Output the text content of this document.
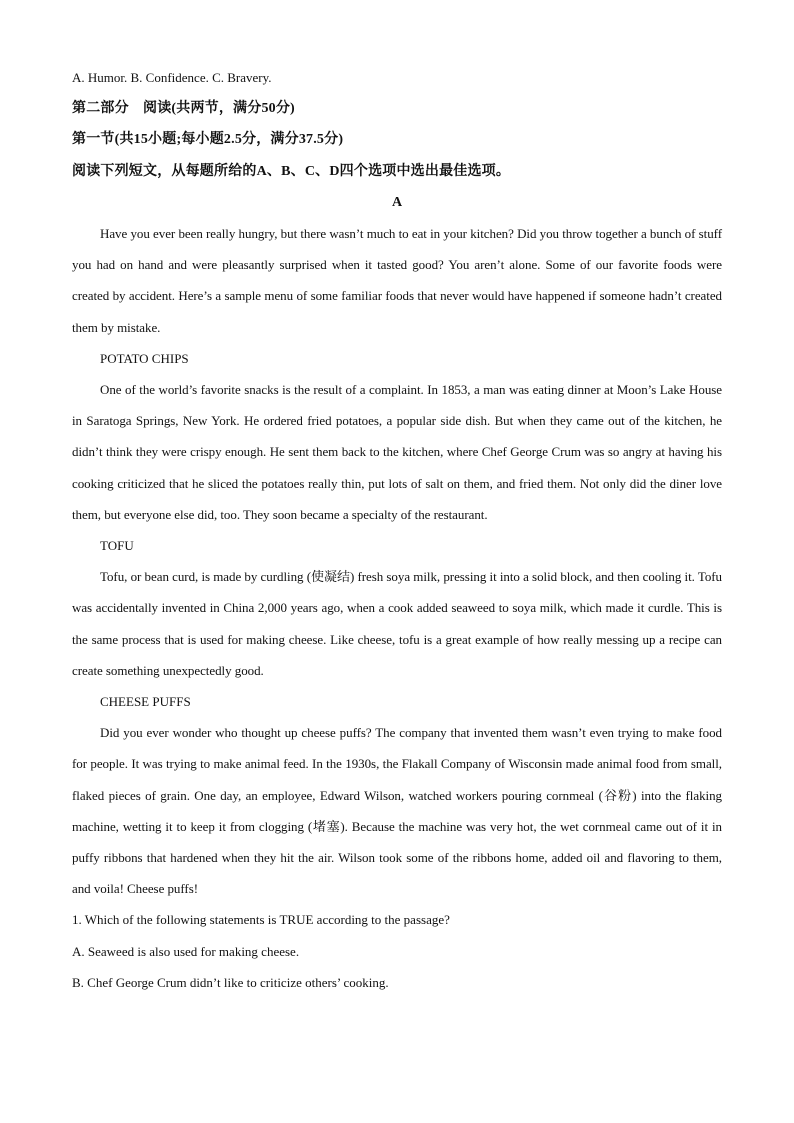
A. Humor. B. Confidence. C. Bravery.
第二部分　阅读(共两节，满分50分)
第一节(共15小题;每小题2.5分，满分37.5分)
阅读下列短文，从每题所给的A、B、C、D四个选项中选出最佳选项。
A
Have you ever been really hungry, but there wasn’t much to eat in your kitchen? Did you throw together a bunch of stuff you had on hand and were pleasantly surprised when it tasted good? You aren’t alone. Some of our favorite foods were created by accident. Here’s a sample menu of some familiar foods that never would have happened if someone hadn’t created them by mistake.
POTATO CHIPS
One of the world’s favorite snacks is the result of a complaint. In 1853, a man was eating dinner at Moon’s Lake House in Saratoga Springs, New York. He ordered fried potatoes, a popular side dish. But when they came out of the kitchen, he didn’t think they were crispy enough. He sent them back to the kitchen, where Chef George Crum was so angry at having his cooking criticized that he sliced the potatoes really thin, put lots of salt on them, and fried them. Not only did the diner love them, but everyone else did, too. They soon became a specialty of the restaurant.
TOFU
Tofu, or bean curd, is made by curdling (使凝结) fresh soya milk, pressing it into a solid block, and then cooling it. Tofu was accidentally invented in China 2,000 years ago, when a cook added seaweed to soya milk, which made it curdle. This is the same process that is used for making cheese. Like cheese, tofu is a great example of how really messing up a recipe can create something unexpectedly good.
CHEESE PUFFS
Did you ever wonder who thought up cheese puffs? The company that invented them wasn’t even trying to make food for people. It was trying to make animal feed. In the 1930s, the Flakall Company of Wisconsin made animal food from small, flaked pieces of grain. One day, an employee, Edward Wilson, watched workers pouring cornmeal (谷粉) into the flaking machine, wetting it to keep it from clogging (堵塞). Because the machine was very hot, the wet cornmeal came out of it in puffy ribbons that hardened when they hit the air. Wilson took some of the ribbons home, added oil and flavoring to them, and voila! Cheese puffs!
1. Which of the following statements is TRUE according to the passage?
A. Seaweed is also used for making cheese.
B. Chef George Crum didn’t like to criticize others’ cooking.
